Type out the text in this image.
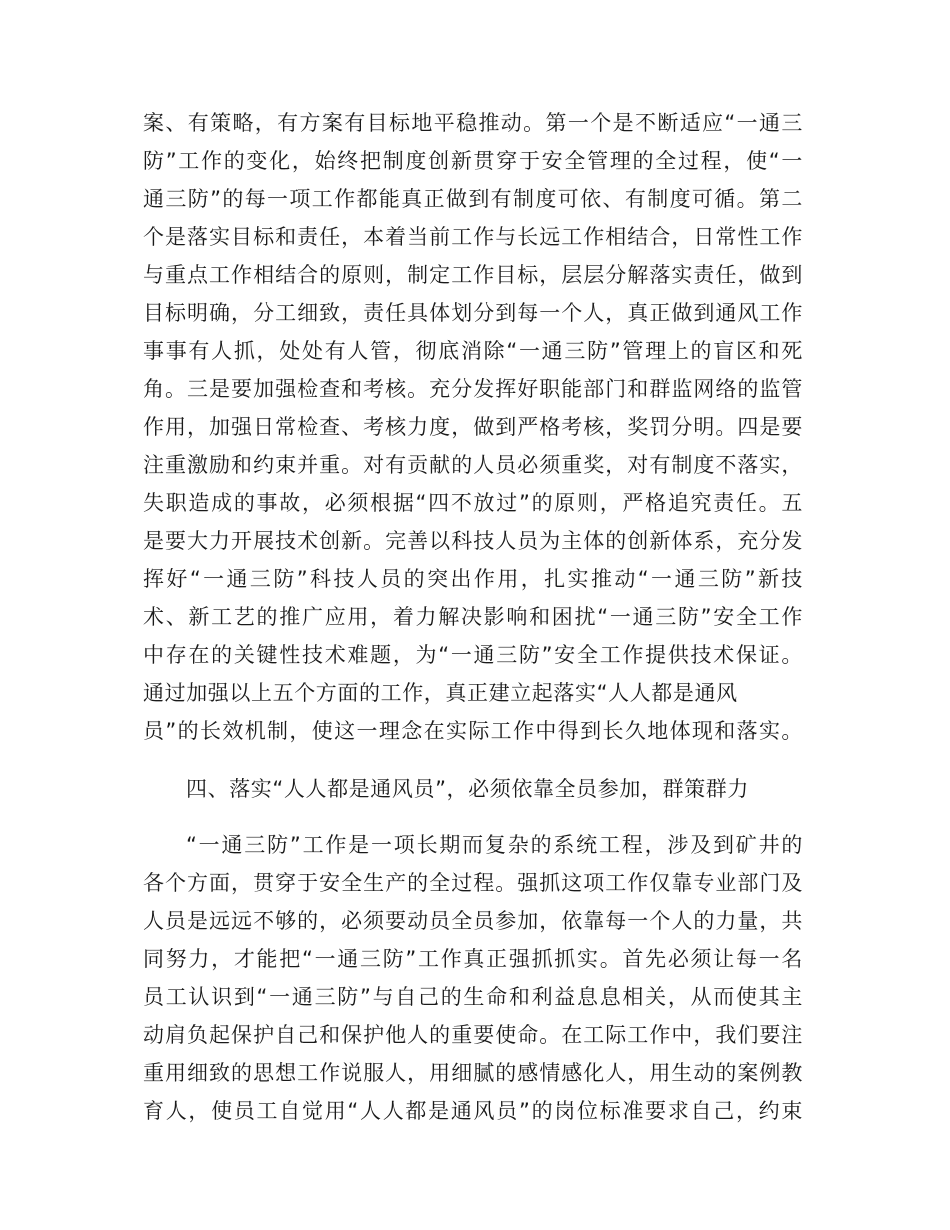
案、有策略，有方案有目标地平稳推动。第一个是不断适应“一通三
防”工作的变化，始终把制度创新贯穿于安全管理的全过程，使“一
通三防”的每一项工作都能真正做到有制度可依、有制度可循。第二
个是落实目标和责任，本着当前工作与长远工作相结合，日常性工作
与重点工作相结合的原则，制定工作目标，层层分解落实责任，做到
目标明确，分工细致，责任具体划分到每一个人，真正做到通风工作
事事有人抓，处处有人管，彻底消除“一通三防”管理上的盲区和死
角。三是要加强检查和考核。充分发挥好职能部门和群监网络的监管
作用，加强日常检查、考核力度，做到严格考核，奖罚分明。四是要
注重激励和约束并重。对有贡献的人员必须重奖，对有制度不落实，
失职造成的事故，必须根据“四不放过”的原则，严格追究责任。五
是要大力开展技术创新。完善以科技人员为主体的创新体系，充分发
挥好“一通三防”科技人员的突出作用，扎实推动“一通三防”新技
术、新工艺的推广应用，着力解决影响和困扰“一通三防”安全工作
中存在的关键性技术难题，为“一通三防”安全工作提供技术保证。
通过加强以上五个方面的工作，真正建立起落实“人人都是通风
员”的长效机制，使这一理念在实际工作中得到长久地体现和落实。
四、落实“人人都是通风员”，必须依靠全员参加，群策群力
“一通三防”工作是一项长期而复杂的系统工程，涉及到矿井的
各个方面，贯穿于安全生产的全过程。强抓这项工作仅靠专业部门及
人员是远远不够的，必须要动员全员参加，依靠每一个人的力量，共
同努力，才能把“一通三防”工作真正强抓抓实。首先必须让每一名
员工认识到“一通三防”与自己的生命和利益息息相关，从而使其主
动肩负起保护自己和保护他人的重要使命。在工际工作中，我们要注
重用细致的思想工作说服人，用细腻的感情感化人，用生动的案例教
育人，使员工自觉用“人人都是通风员”的岗位标准要求自己，约束
